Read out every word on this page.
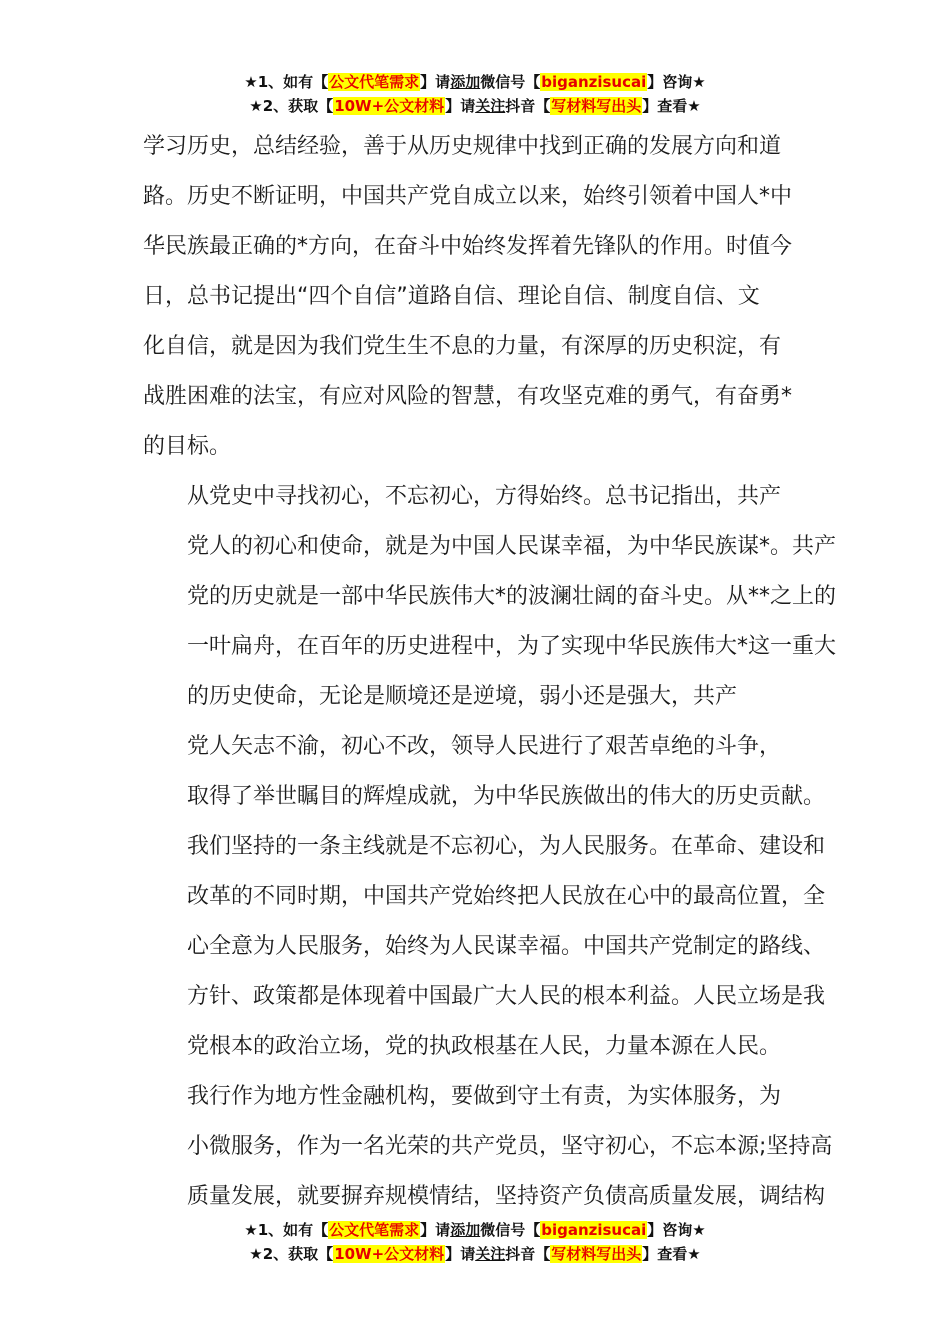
★1、如有【公文代笔需求】请添加微信号【biganzisucai】咨询★
★2、获取【10W+公文材料】请关注抖音【写材料写出头】查看★

学习历史，总结经验，善于从历史规律中找到正确的发展方向和道
路。历史不断证明，中国共产党自成立以来，始终引领着中国人*中
华民族最正确的*方向，在奋斗中始终发挥着先锋队的作用。时值今
日，总书记提出“四个自信”道路自信、理论自信、制度自信、文
化自信，就是因为我们党生生不息的力量，有深厚的历史积淀，有
战胜困难的法宝，有应对风险的智慧，有攻坚克难的勇气，有奋勇*
的目标。

从党史中寻找初心，不忘初心，方得始终。总书记指出，共产
党人的初心和使命，就是为中国人民谋幸福，为中华民族谋*。共产
党的历史就是一部中华民族伟大*的波澜壮阔的奋斗史。从**之上的
一叶扁舟，在百年的历史进程中，为了实现中华民族伟大*这一重大
的历史使命，无论是顺境还是逆境，弱小还是强大，共产

党人矢志不渝，初心不改，领导人民进行了艰苦卓绝的斗争，
取得了举世瞩目的辉煌成就，为中华民族做出的伟大的历史贡献。
我们坚持的一条主线就是不忘初心，为人民服务。在革命、建设和
改革的不同时期，中国共产党始终把人民放在心中的最高位置，全
心全意为人民服务，始终为人民谋幸福。中国共产党制定的路线、
方针、政策都是体现着中国最广大人民的根本利益。人民立场是我
党根本的政治立场，党的执政根基在人民，力量本源在人民。

我行作为地方性金融机构，要做到守土有责，为实体服务，为
小微服务，作为一名光荣的共产党员，坚守初心，不忘本源;坚持高
质量发展，就要摒弃规模情结，坚持资产负债高质量发展，调结构

★1、如有【公文代笔需求】请添加微信号【biganzisucai】咨询★
★2、获取【10W+公文材料】请关注抖音【写材料写出头】查看★
